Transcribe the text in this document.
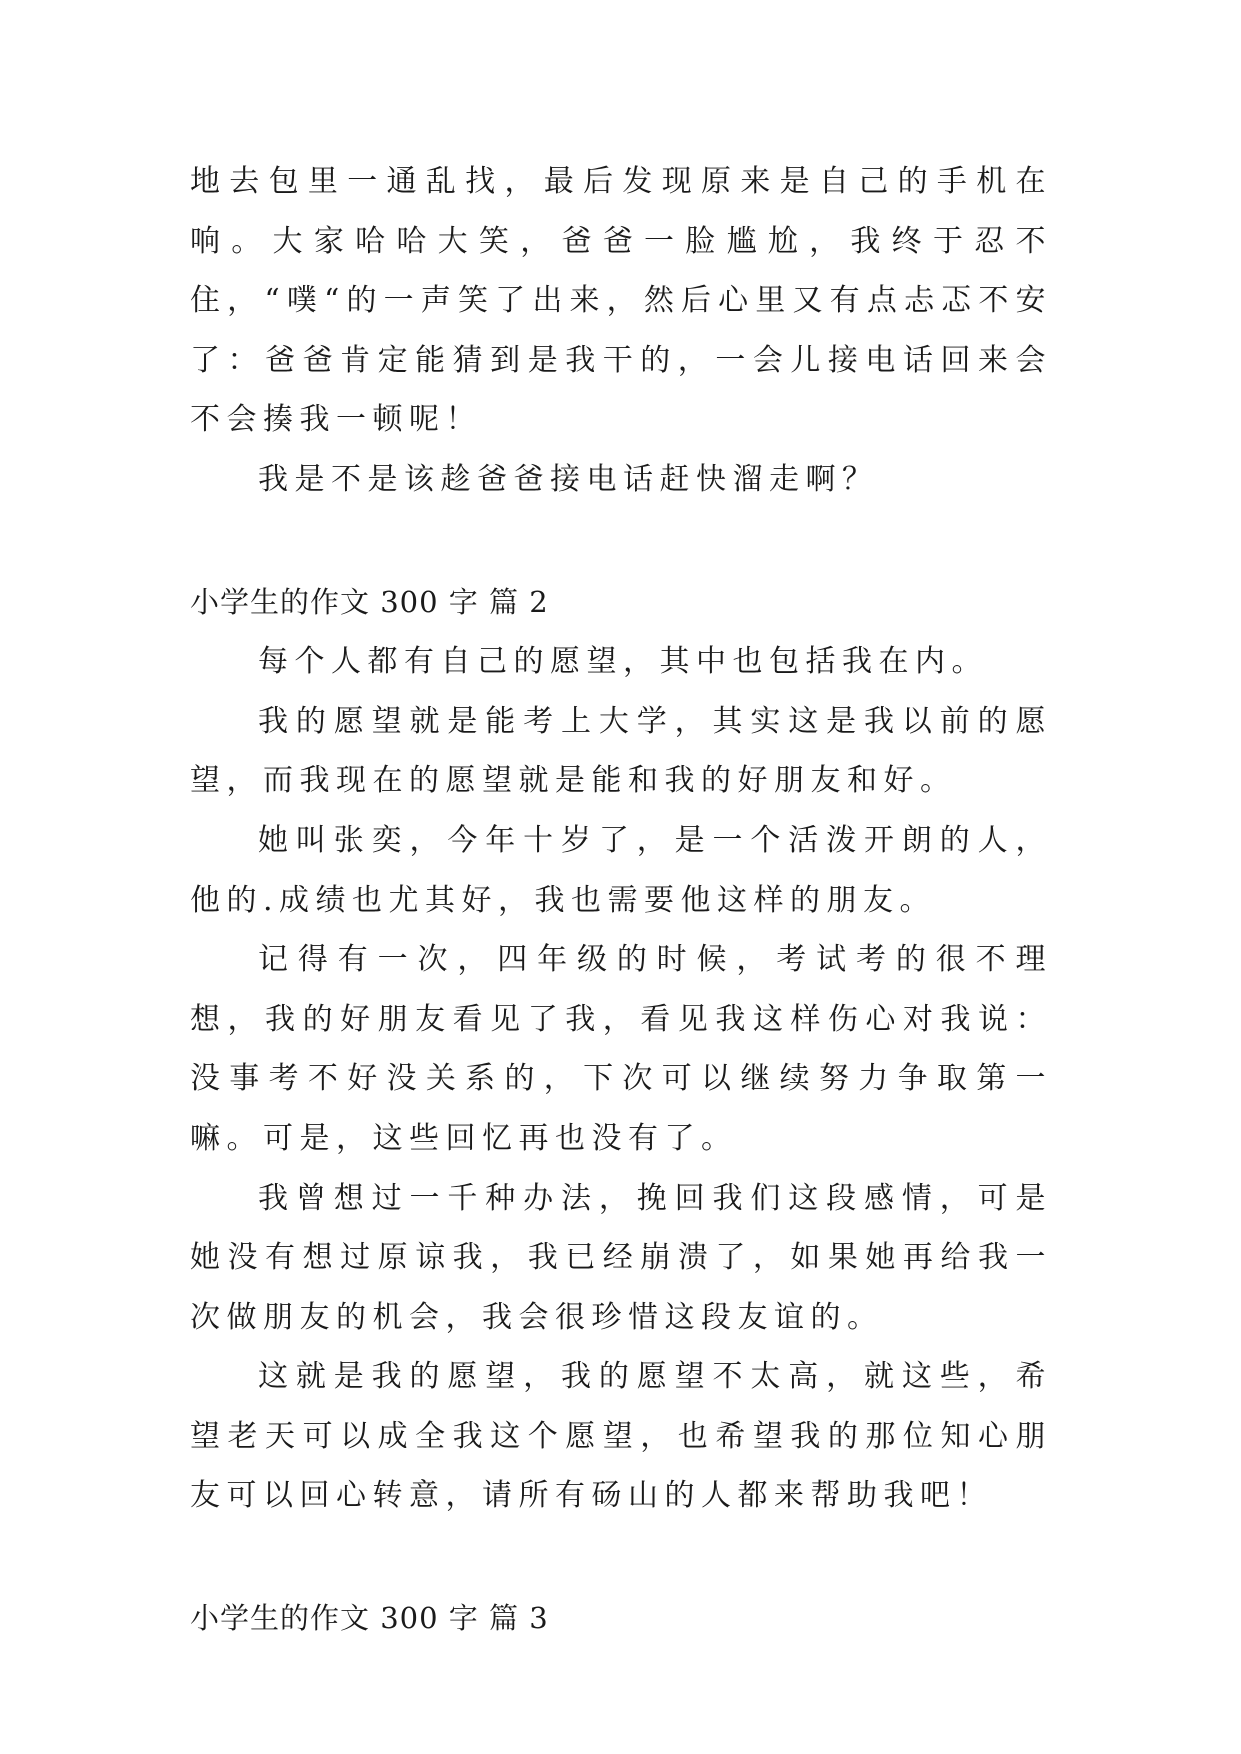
地去包里一通乱找，最后发现原来是自己的手机在响。大家哈哈大笑，爸爸一脸尴尬，我终于忍不住，“噗“的一声笑了出来，然后心里又有点忐忑不安了：爸爸肯定能猜到是我干的，一会儿接电话回来会不会揍我一顿呢！

我是不是该趁爸爸接电话赶快溜走啊？

小学生的作文 300 字 篇 2

每个人都有自己的愿望，其中也包括我在内。

我的愿望就是能考上大学，其实这是我以前的愿望，而我现在的愿望就是能和我的好朋友和好。

她叫张奕，今年十岁了，是一个活泼开朗的人，他的.成绩也尤其好，我也需要他这样的朋友。

记得有一次，四年级的时候，考试考的很不理想，我的好朋友看见了我，看见我这样伤心对我说：没事考不好没关系的，下次可以继续努力争取第一嘛。可是，这些回忆再也没有了。

我曾想过一千种办法，挽回我们这段感情，可是她没有想过原谅我，我已经崩溃了，如果她再给我一次做朋友的机会，我会很珍惜这段友谊的。

这就是我的愿望，我的愿望不太高，就这些，希望老天可以成全我这个愿望，也希望我的那位知心朋友可以回心转意，请所有砀山的人都来帮助我吧！

小学生的作文 300 字 篇 3
